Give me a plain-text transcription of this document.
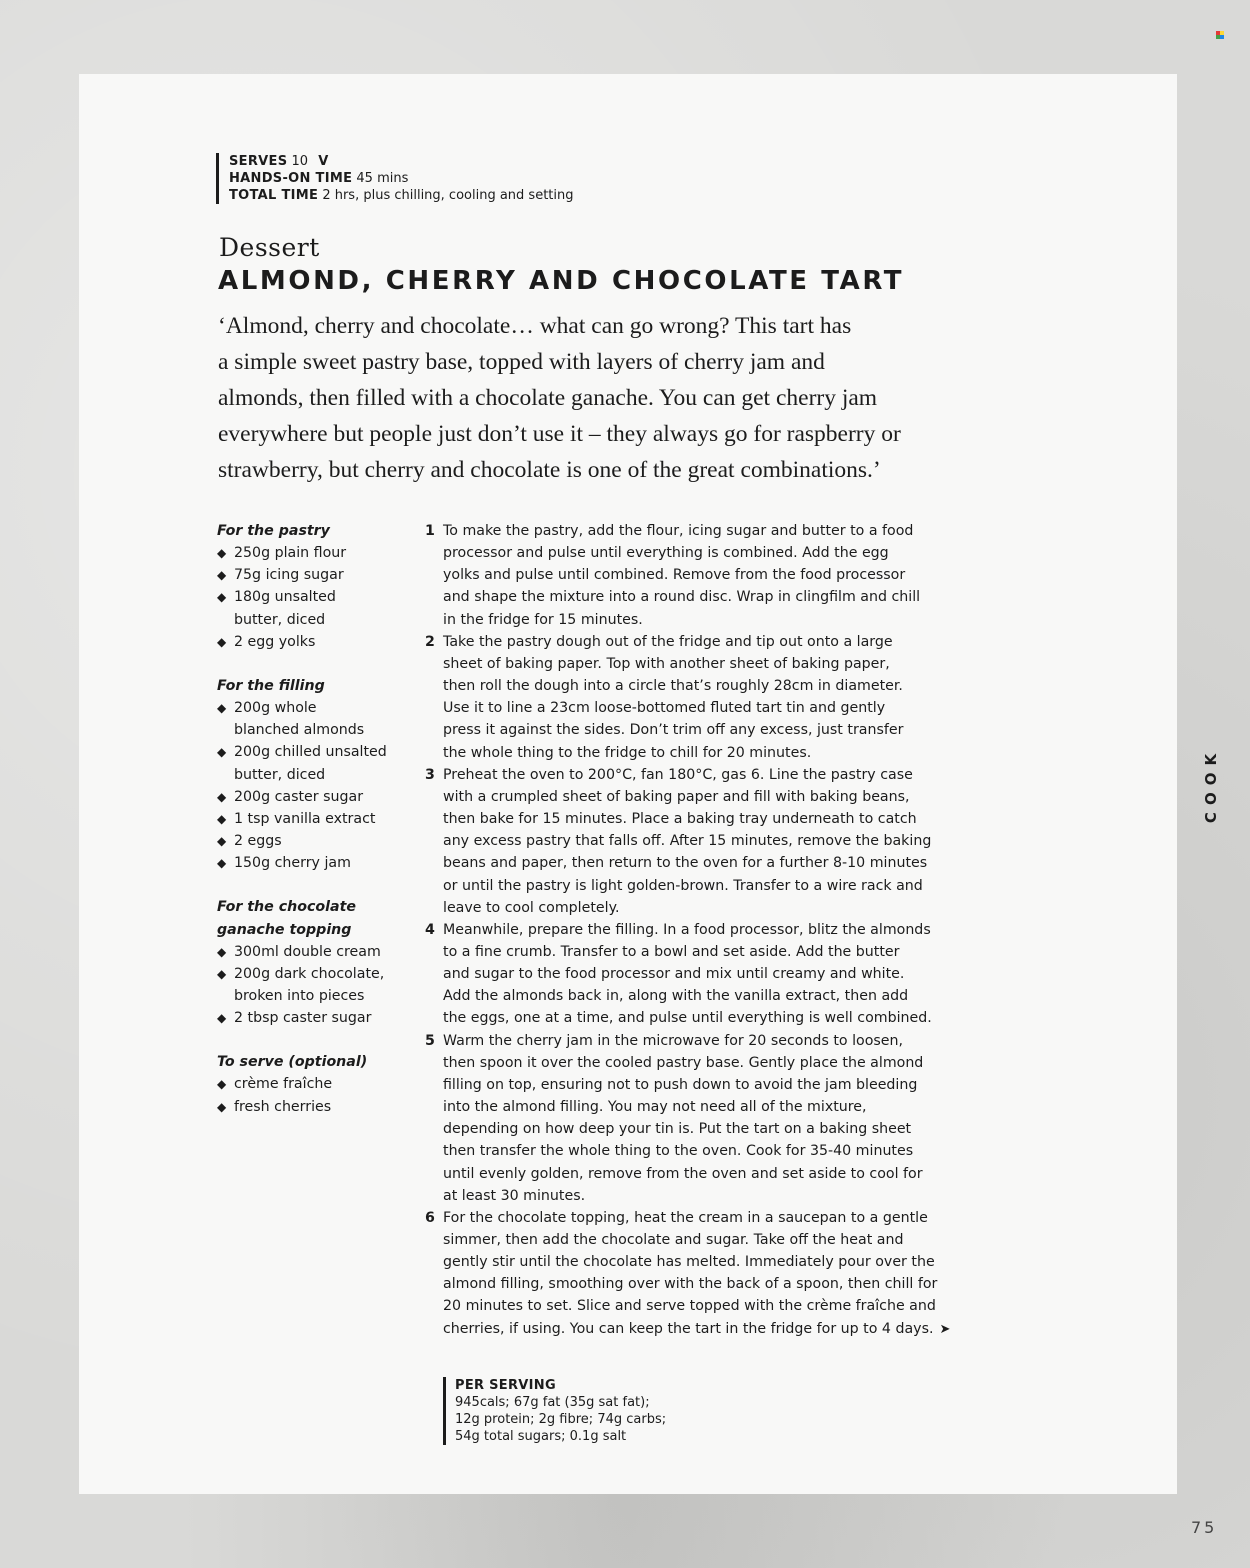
SERVES 10 V
HANDS-ON TIME 45 mins
TOTAL TIME 2 hrs, plus chilling, cooling and setting
Dessert
ALMOND, CHERRY AND CHOCOLATE TART
‘Almond, cherry and chocolate… what can go wrong? This tart has
a simple sweet pastry base, topped with layers of cherry jam and
almonds, then filled with a chocolate ganache. You can get cherry jam
everywhere but people just don’t use it – they always go for raspberry or
strawberry, but cherry and chocolate is one of the great combinations.’
For the pastry
◆ 250g plain flour
◆ 75g icing sugar
◆ 180g unsalted
butter, diced
◆ 2 egg yolks
For the filling
◆ 200g whole
blanched almonds
◆ 200g chilled unsalted
butter, diced
◆ 200g caster sugar
◆ 1 tsp vanilla extract
◆ 2 eggs
◆ 150g cherry jam
For the chocolate
ganache topping
◆ 300ml double cream
◆ 200g dark chocolate,
broken into pieces
◆ 2 tbsp caster sugar
To serve (optional)
◆ crème fraîche
◆ fresh cherries
1 To make the pastry, add the flour, icing sugar and butter to a food
processor and pulse until everything is combined. Add the egg
yolks and pulse until combined. Remove from the food processor
and shape the mixture into a round disc. Wrap in clingfilm and chill
in the fridge for 15 minutes.
2 Take the pastry dough out of the fridge and tip out onto a large
sheet of baking paper. Top with another sheet of baking paper,
then roll the dough into a circle that’s roughly 28cm in diameter.
Use it to line a 23cm loose-bottomed fluted tart tin and gently
press it against the sides. Don’t trim off any excess, just transfer
the whole thing to the fridge to chill for 20 minutes.
3 Preheat the oven to 200°C, fan 180°C, gas 6. Line the pastry case
with a crumpled sheet of baking paper and fill with baking beans,
then bake for 15 minutes. Place a baking tray underneath to catch
any excess pastry that falls off. After 15 minutes, remove the baking
beans and paper, then return to the oven for a further 8-10 minutes
or until the pastry is light golden-brown. Transfer to a wire rack and
leave to cool completely.
4 Meanwhile, prepare the filling. In a food processor, blitz the almonds
to a fine crumb. Transfer to a bowl and set aside. Add the butter
and sugar to the food processor and mix until creamy and white.
Add the almonds back in, along with the vanilla extract, then add
the eggs, one at a time, and pulse until everything is well combined.
5 Warm the cherry jam in the microwave for 20 seconds to loosen,
then spoon it over the cooled pastry base. Gently place the almond
filling on top, ensuring not to push down to avoid the jam bleeding
into the almond filling. You may not need all of the mixture,
depending on how deep your tin is. Put the tart on a baking sheet
then transfer the whole thing to the oven. Cook for 35-40 minutes
until evenly golden, remove from the oven and set aside to cool for
at least 30 minutes.
6 For the chocolate topping, heat the cream in a saucepan to a gentle
simmer, then add the chocolate and sugar. Take off the heat and
gently stir until the chocolate has melted. Immediately pour over the
almond filling, smoothing over with the back of a spoon, then chill for
20 minutes to set. Slice and serve topped with the crème fraîche and
cherries, if using. You can keep the tart in the fridge for up to 4 days. ➤
PER SERVING
945cals; 67g fat (35g sat fat);
12g protein; 2g fibre; 74g carbs;
54g total sugars; 0.1g salt
COOK
75
